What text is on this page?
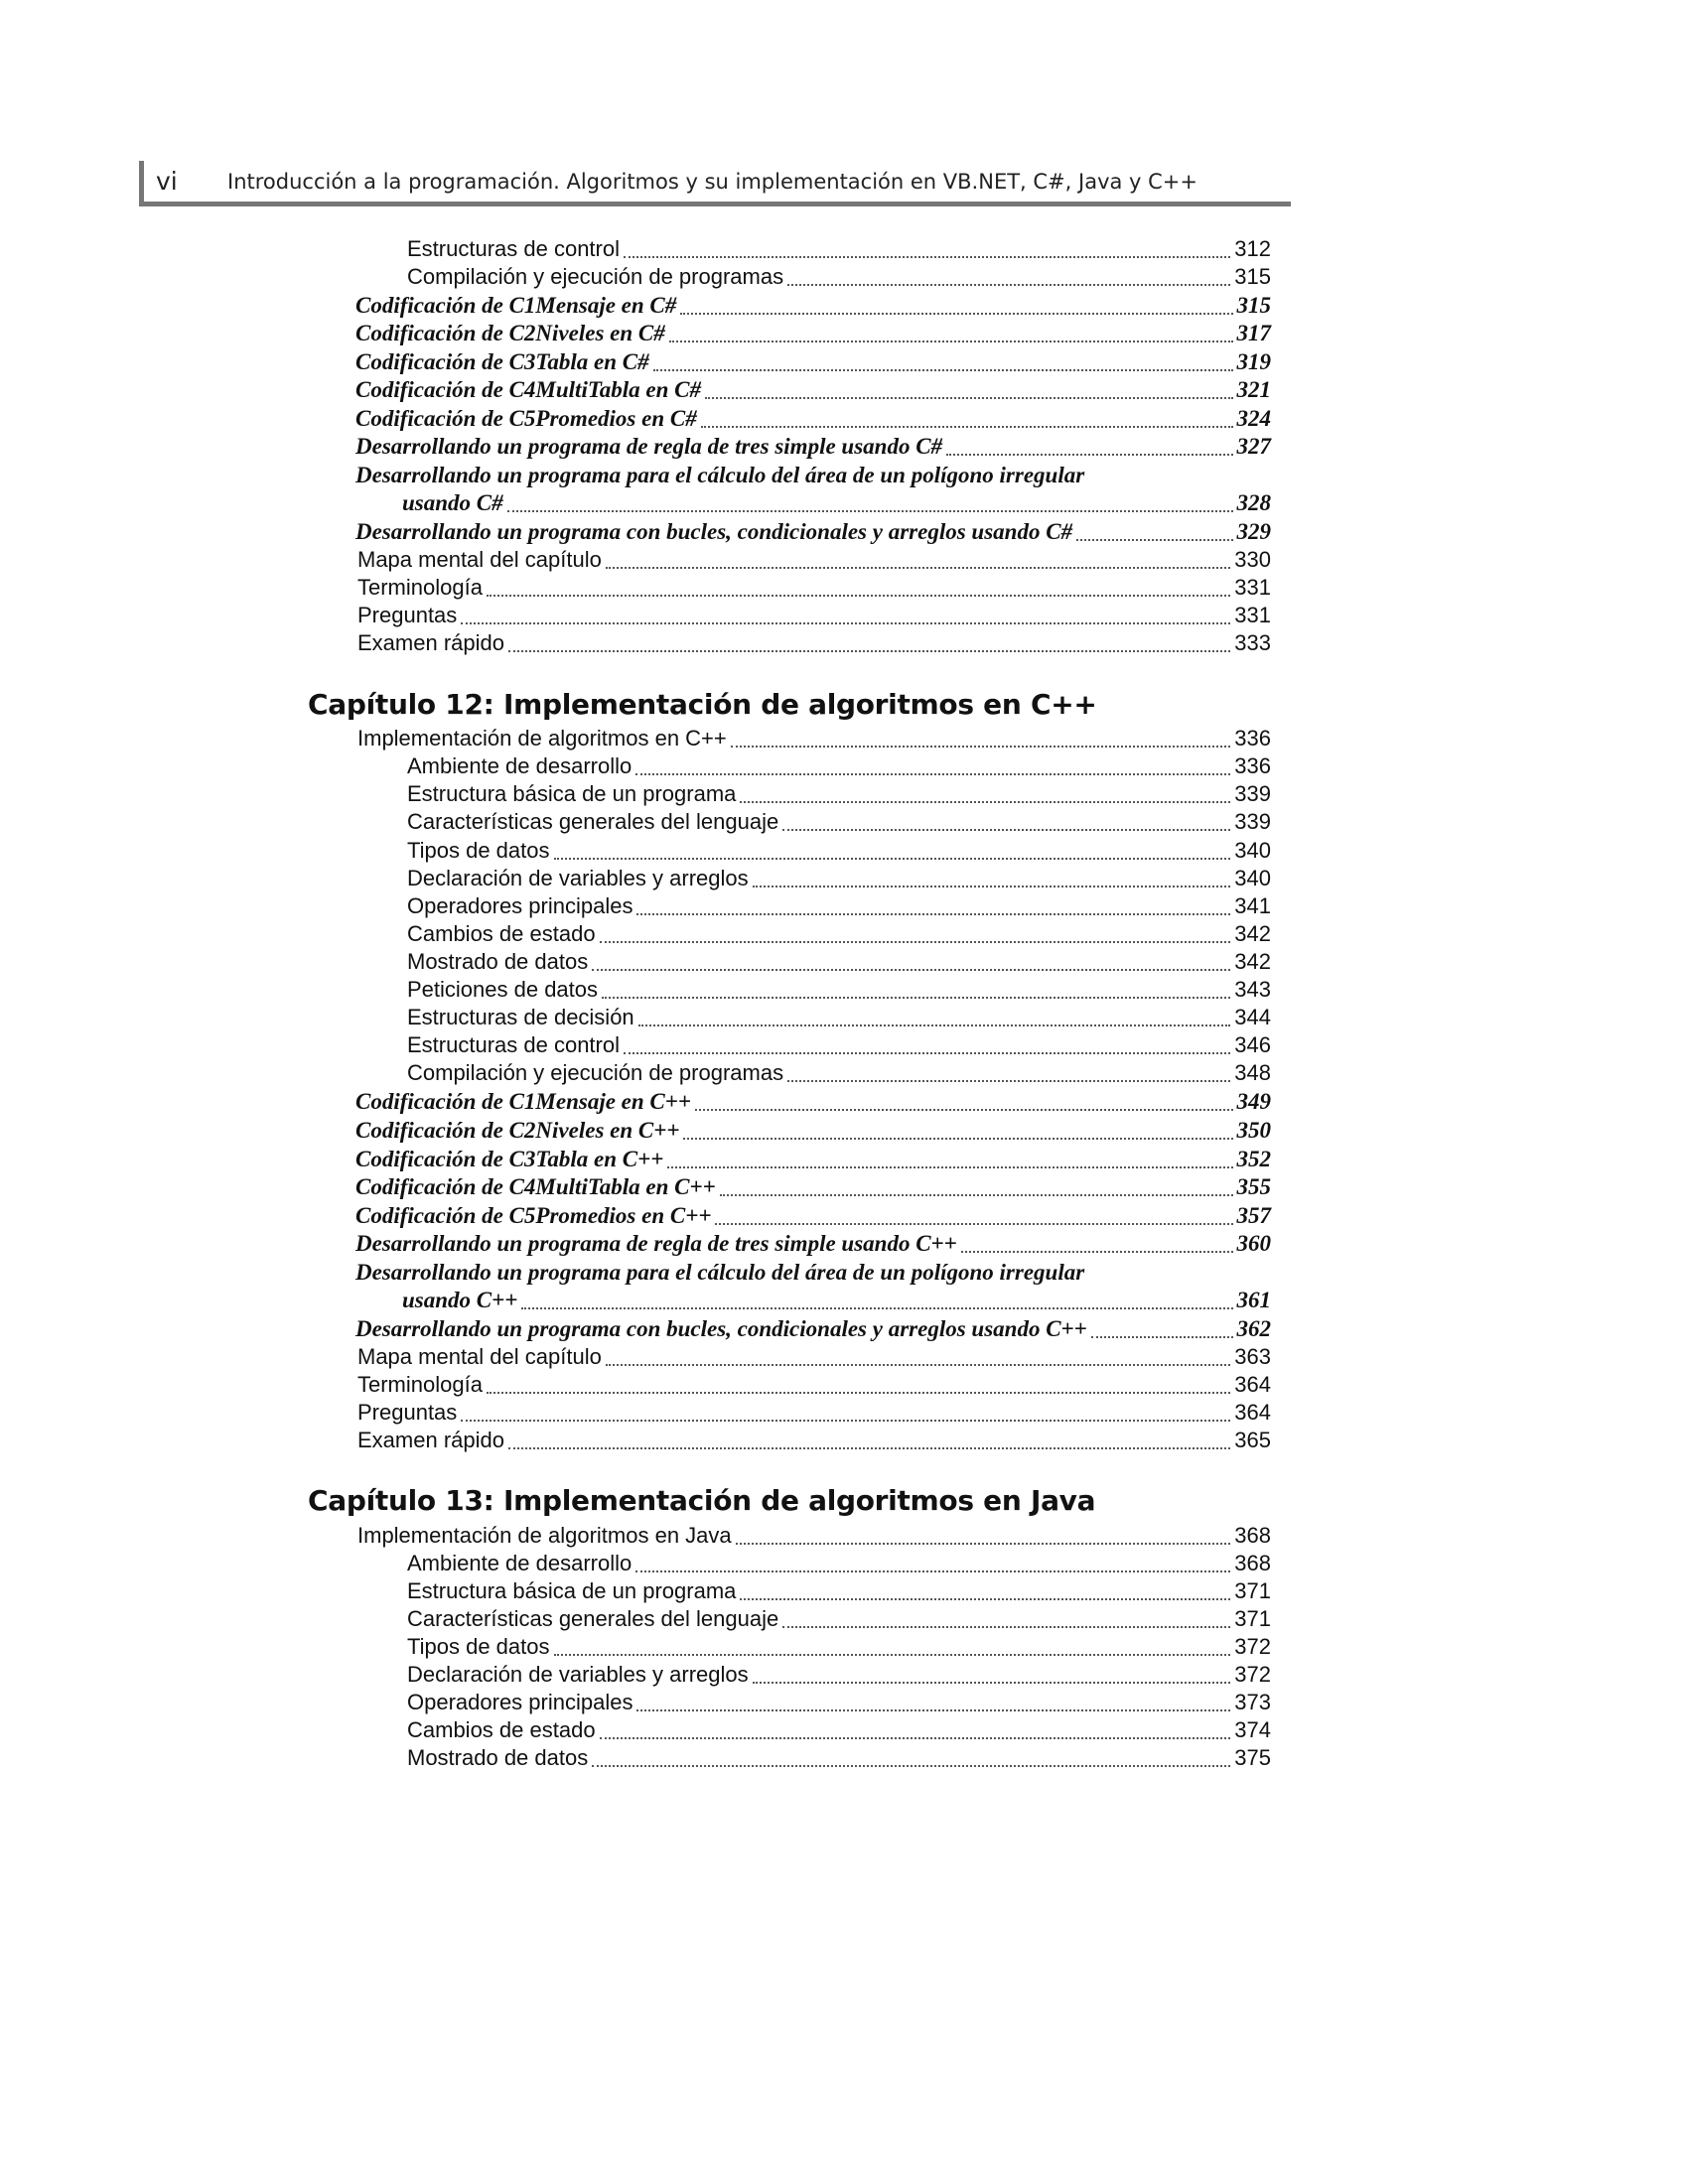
vi Introducción a la programación. Algoritmos y su implementación en VB.NET, C#, Java y C++
Estructuras de control	312
Compilación y ejecución de programas	315
Codificación de C1Mensaje en C#	315
Codificación de C2Niveles en C#	317
Codificación de C3Tabla en C#	319
Codificación de C4MultiTabla en C#	321
Codificación de C5Promedios en C#	324
Desarrollando un programa de regla de tres simple usando C#	327
Desarrollando un programa para el cálculo del área de un polígono irregular
usando C#	328
Desarrollando un programa con bucles, condicionales y arreglos usando C#	329
Mapa mental del capítulo	330
Terminología	331
Preguntas	331
Examen rápido	333
Capítulo 12: Implementación de algoritmos en C++
Implementación de algoritmos en C++	336
Ambiente de desarrollo	336
Estructura básica de un programa	339
Características generales del lenguaje	339
Tipos de datos	340
Declaración de variables y arreglos	340
Operadores principales	341
Cambios de estado	342
Mostrado de datos	342
Peticiones de datos	343
Estructuras de decisión	344
Estructuras de control	346
Compilación y ejecución de programas	348
Codificación de C1Mensaje en C++	349
Codificación de C2Niveles en C++	350
Codificación de C3Tabla en C++	352
Codificación de C4MultiTabla en C++	355
Codificación de C5Promedios en C++	357
Desarrollando un programa de regla de tres simple usando C++	360
Desarrollando un programa para el cálculo del área de un polígono irregular
usando C++	361
Desarrollando un programa con bucles, condicionales y arreglos usando C++	362
Mapa mental del capítulo	363
Terminología	364
Preguntas	364
Examen rápido	365
Capítulo 13: Implementación de algoritmos en Java
Implementación de algoritmos en Java	368
Ambiente de desarrollo	368
Estructura básica de un programa	371
Características generales del lenguaje	371
Tipos de datos	372
Declaración de variables y arreglos	372
Operadores principales	373
Cambios de estado	374
Mostrado de datos	375
